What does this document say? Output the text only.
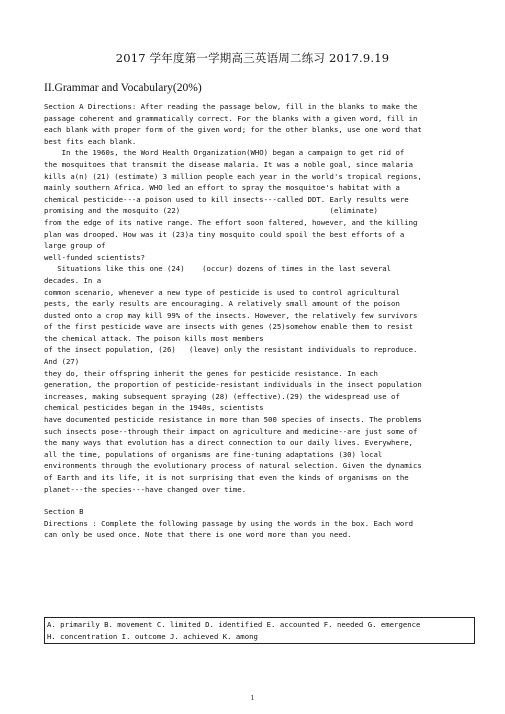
2017 学年度第一学期高三英语周二练习 2017.9.19
II.Grammar and Vocabulary(20%)

Section A Directions: After reading the passage below, fill in the blanks to make the

passage coherent and grammatically correct. For the blanks with a given word, fill in

each blank with proper form of the given word; for the other blanks, use one word that

best fits each blank.

In the 1960s, the Word Health Organization(WHO) began a campaign to get rid of

the mosquitoes that transmit the disease malaria. It was a noble goal, since malaria

kills a(n) (21) (estimate) 3 million people each year in the world's tropical regions,

mainly southern Africa. WHO led an effort to spray the mosquitoe's habitat with a

chemical pesticide---a poison used to kill insects---called DDT. Early results were

promising and the mosquito (22)                                  (eliminate)

from the edge of its native range. The effort soon faltered, however, and the killing

plan was drooped. How was it (23)a tiny mosquito could spoil the best efforts of a

large group of

well-funded scientists?

Situations like this one (24)    (occur) dozens of times in the last several

decades. In a

common scenario, whenever a new type of pesticide is used to control agricultural

pests, the early results are encouraging. A relatively small amount of the poison

dusted onto a crop may kill 99% of the insects. However, the relatively few survivors

of the first pesticide wave are insects with genes (25)somehow enable them to resist

the chemical attack. The poison kills most members

of the insect population, (26)   (leave) only the resistant individuals to reproduce.

And (27)

they do, their offspring inherit the genes for pesticide resistance. In each

generation, the proportion of pesticide-resistant individuals in the insect population

increases, making subsequent spraying (28) (effective).(29) the widespread use of

chemical pesticides began in the 1940s, scientists

have documented pesticide resistance in more than 500 species of insects. The problems

such insects pose--through their impact on agriculture and medicine--are just some of

the many ways that evolution has a direct connection to our daily lives. Everywhere,

all the time, populations of organisms are fine-tuning adaptations (30) local

environments through the evolutionary process of natural selection. Given the dynamics

of Earth and its life, it is not surprising that even the kinds of organisms on the

planet---the species---have changed over time.

Section B

Directions : Complete the following passage by using the words in the box. Each word

can only be used once. Note that there is one word more than you need.

A. primarily B. movement C. limited D. identified E. accounted F. needed G. emergence

H. concentration I. outcome J. achieved K. among

1
